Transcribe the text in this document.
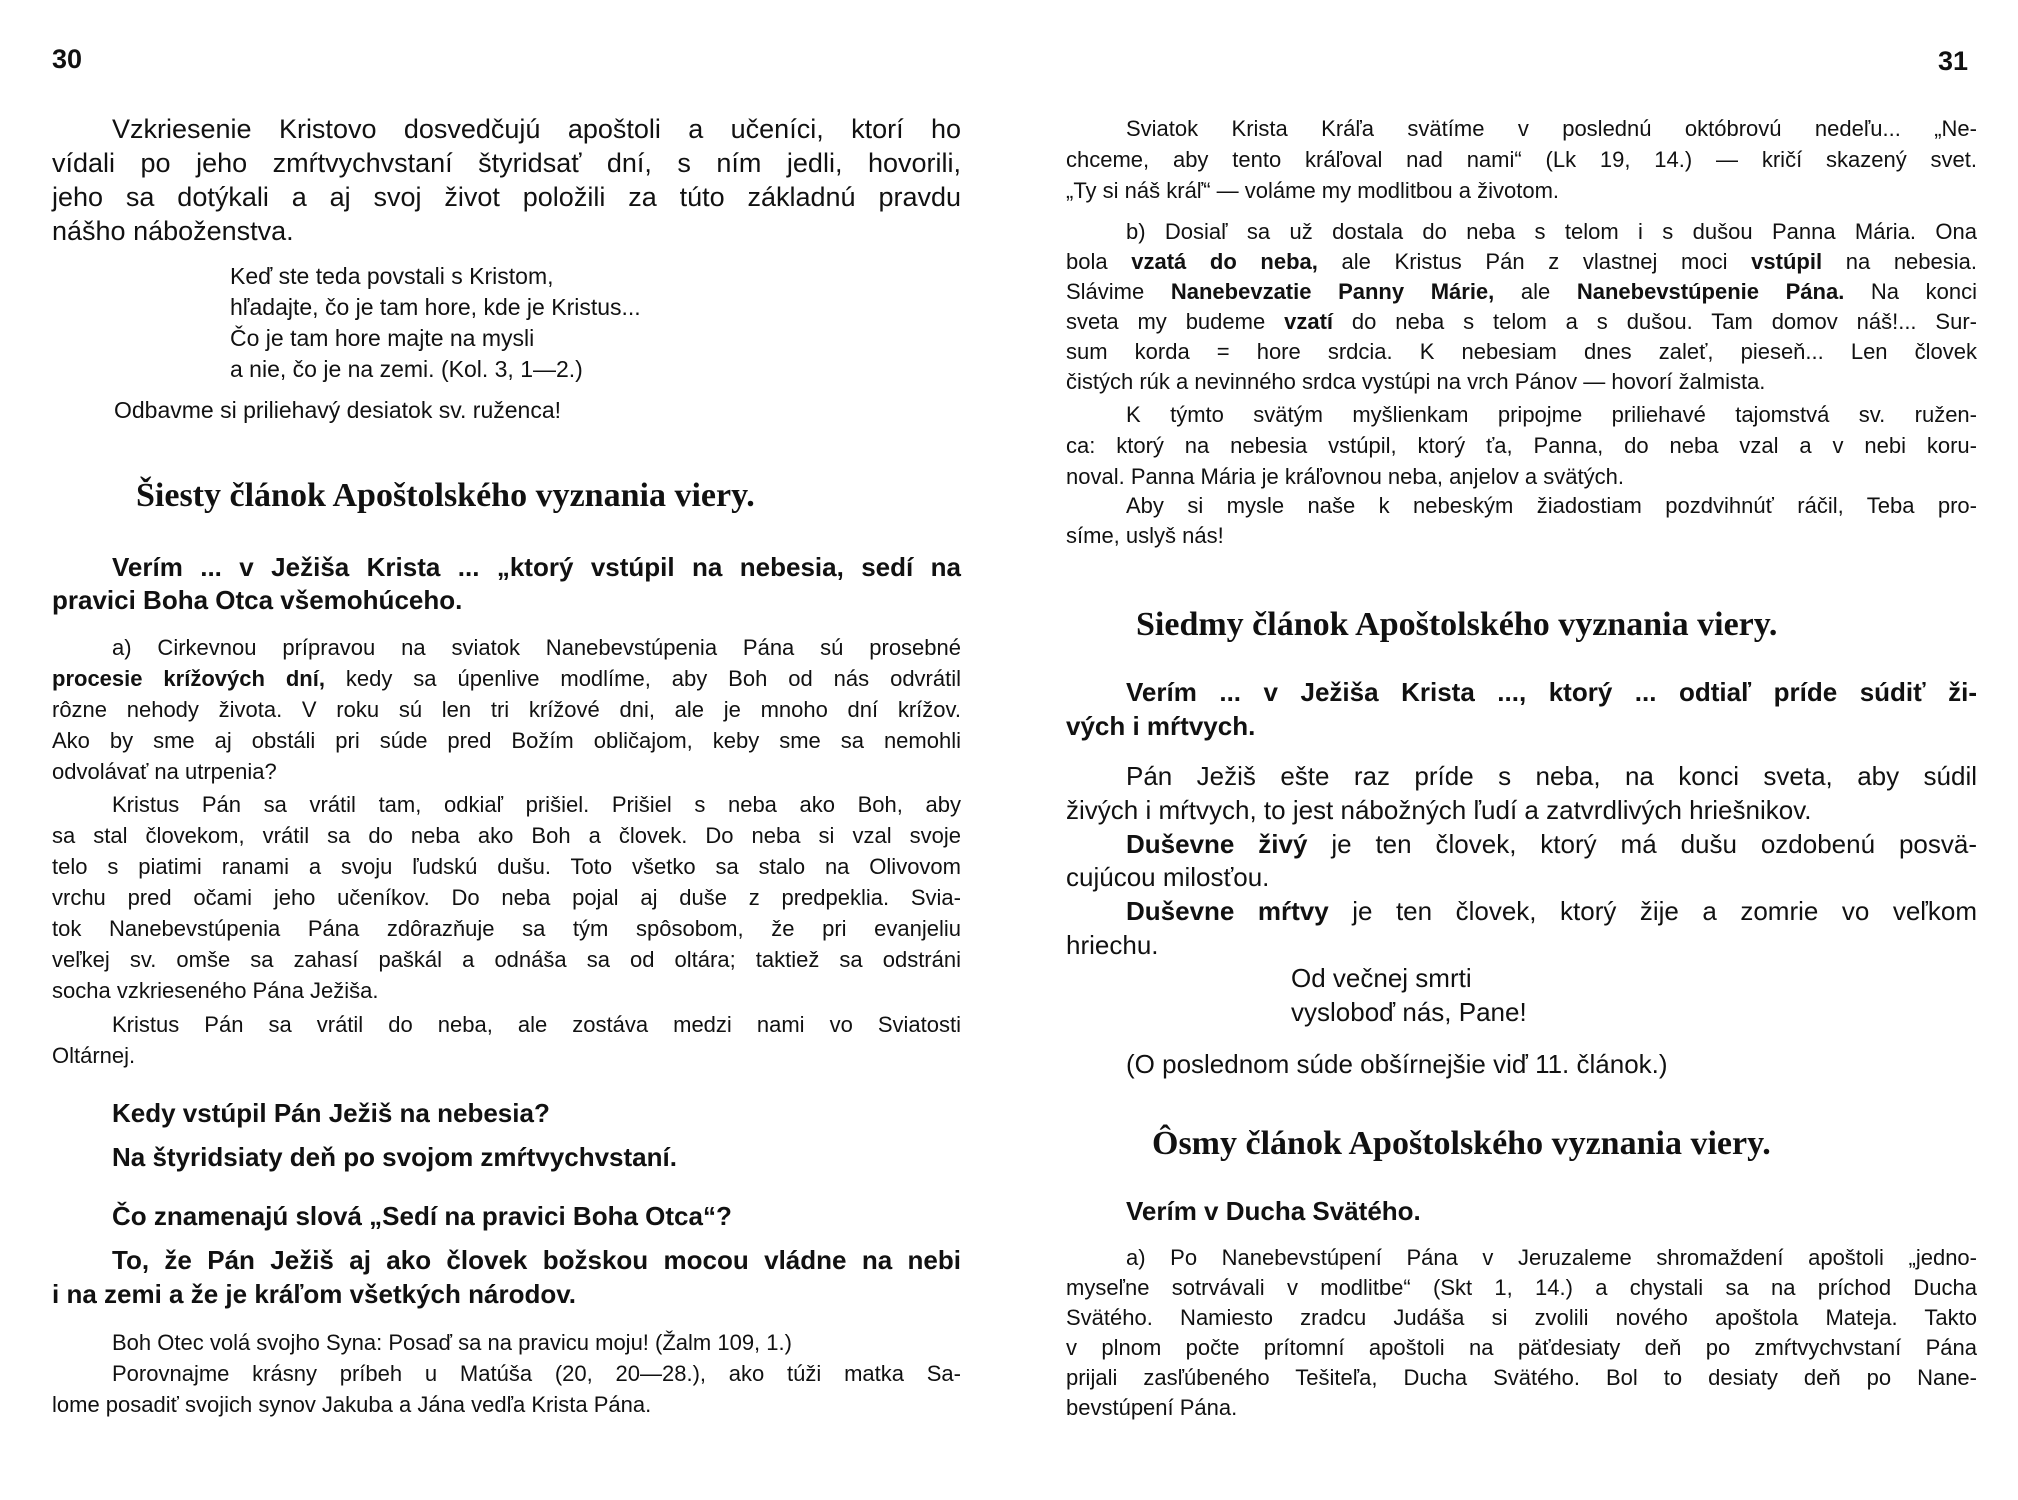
30	31
Vzkriesenie Kristovo dosvedčujú apoštoli a učeníci, ktorí ho
vídali po jeho zmŕtvychvstaní štyridsať dní, s ním jedli, hovorili,
jeho sa dotýkali a aj svoj život položili za túto základnú pravdu
nášho náboženstva.
Keď ste teda povstali s Kristom,
hľadajte, čo je tam hore, kde je Kristus...
Čo je tam hore majte na mysli
a nie, čo je na zemi. (Kol. 3, 1—2.)
Odbavme si priliehavý desiatok sv. ruženca!
Šiesty článok Apoštolského vyznania viery.
Verím ... v Ježiša Krista ... „ktorý vstúpil na nebesia, sedí na
pravici Boha Otca všemohúceho.
a) Cirkevnou prípravou na sviatok Nanebevstúpenia Pána sú prosebné
procesie krížových dní, kedy sa úpenlive modlíme, aby Boh od nás odvrátil
rôzne nehody života. V roku sú len tri krížové dni, ale je mnoho dní krížov.
Ako by sme aj obstáli pri súde pred Božím obličajom, keby sme sa nemohli
odvolávať na utrpenia?
Kristus Pán sa vrátil tam, odkiaľ prišiel. Prišiel s neba ako Boh, aby
sa stal človekom, vrátil sa do neba ako Boh a človek. Do neba si vzal svoje
telo s piatimi ranami a svoju ľudskú dušu. Toto všetko sa stalo na Olivovom
vrchu pred očami jeho učeníkov. Do neba pojal aj duše z predpeklia. Svia-
tok Nanebevstúpenia Pána zdôrazňuje sa tým spôsobom, že pri evanjeliu
veľkej sv. omše sa zahasí paškál a odnáša sa od oltára; taktiež sa odstráni
socha vzkrieseného Pána Ježiša.
Kristus Pán sa vrátil do neba, ale zostáva medzi nami vo Sviatosti
Oltárnej.
Kedy vstúpil Pán Ježiš na nebesia?
Na štyridsiaty deň po svojom zmŕtvychvstaní.
Čo znamenajú slová „Sedí na pravici Boha Otca“?
To, že Pán Ježiš aj ako človek božskou mocou vládne na nebi
i na zemi a že je kráľom všetkých národov.
Boh Otec volá svojho Syna: Posaď sa na pravicu moju! (Žalm 109, 1.)
Porovnajme krásny príbeh u Matúša (20, 20—28.), ako túži matka Sa-
lome posadiť svojich synov Jakuba a Jána vedľa Krista Pána.
Sviatok Krista Kráľa svätíme v poslednú októbrovú nedeľu... „Ne-
chceme, aby tento kráľoval nad nami“ (Lk 19, 14.) — kričí skazený svet.
„Ty si náš kráľ“ — voláme my modlitbou a životom.
b) Dosiaľ sa už dostala do neba s telom i s dušou Panna Mária. Ona
bola vzatá do neba, ale Kristus Pán z vlastnej moci vstúpil na nebesia.
Slávime Nanebevzatie Panny Márie, ale Nanebevstúpenie Pána. Na konci
sveta my budeme vzatí do neba s telom a s dušou. Tam domov náš!... Sur-
sum korda = hore srdcia. K nebesiam dnes zaleť, pieseň... Len človek
čistých rúk a nevinného srdca vystúpi na vrch Pánov — hovorí žalmista.
K týmto svätým myšlienkam pripojme priliehavé tajomstvá sv. ružen-
ca: ktorý na nebesia vstúpil, ktorý ťa, Panna, do neba vzal a v nebi koru-
noval. Panna Mária je kráľovnou neba, anjelov a svätých.
Aby si mysle naše k nebeským žiadostiam pozdvihnúť ráčil, Teba pro-
síme, uslyš nás!
Siedmy článok Apoštolského vyznania viery.
Verím ... v Ježiša Krista ..., ktorý ... odtiaľ príde súdiť ži-
vých i mŕtvych.
Pán Ježiš ešte raz príde s neba, na konci sveta, aby súdil
živých i mŕtvych, to jest nábožných ľudí a zatvrdlivých hriešnikov.
Duševne živý je ten človek, ktorý má dušu ozdobenú posvä-
cujúcou milosťou.
Duševne mŕtvy je ten človek, ktorý žije a zomrie vo veľkom
hriechu.
Od večnej smrti
vysloboď nás, Pane!
(O poslednom súde obšírnejšie viď 11. článok.)
Ôsmy článok Apoštolského vyznania viery.
Verím v Ducha Svätého.
a) Po Nanebevstúpení Pána v Jeruzaleme shromaždení apoštoli „jedno-
myseľne sotrvávali v modlitbe“ (Skt 1, 14.) a chystali sa na príchod Ducha
Svätého. Namiesto zradcu Judáša si zvolili nového apoštola Mateja. Takto
v plnom počte prítomní apoštoli na päťdesiaty deň po zmŕtvychvstaní Pána
prijali zasľúbeného Tešiteľa, Ducha Svätého. Bol to desiaty deň po Nane-
bevstúpení Pána.
